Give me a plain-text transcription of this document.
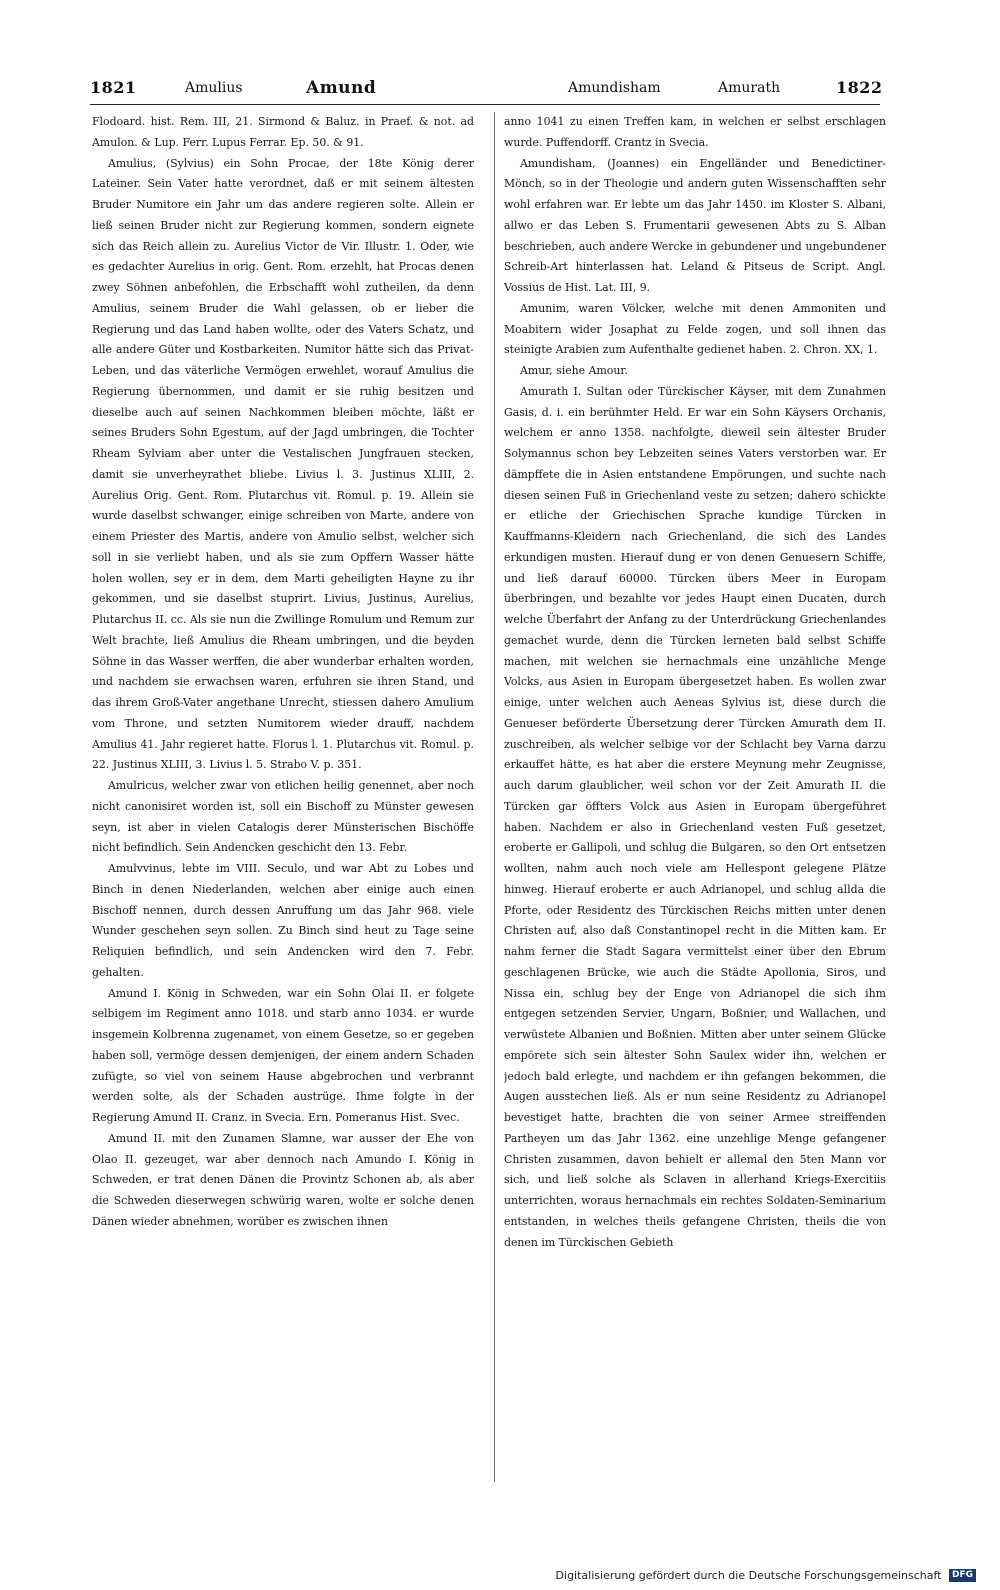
1821	Amulius	Amund	Amundisham	Amurath	1822

Flodoard. hist. Rem. III, 21. Sirmond & Baluz. in Praef. & not. ad Amulon. & Lup. Ferr. Lupus Ferrar. Ep. 50. & 91.

Amulius, (Sylvius) ein Sohn Procae, der 18te König derer Lateiner. Sein Vater hatte verordnet, daß er mit seinem ältesten Bruder Numitore ein Jahr um das andere regieren solte. Allein er ließ seinen Bruder nicht zur Regierung kommen, sondern eignete sich das Reich allein zu. Aurelius Victor de Vir. Illustr. 1. Oder, wie es gedachter Aurelius in orig. Gent. Rom. erzehlt, hat Procas denen zwey Söhnen anbefohlen, die Erbschafft wohl zutheilen, da denn Amulius, seinem Bruder die Wahl gelassen, ob er lieber die Regierung und das Land haben wollte, oder des Vaters Schatz, und alle andere Güter und Kostbarkeiten. Numitor hätte sich das Privat-Leben, und das väterliche Vermögen erwehlet, worauf Amulius die Regierung übernommen, und damit er sie ruhig besitzen und dieselbe auch auf seinen Nachkommen bleiben möchte, läßt er seines Bruders Sohn Egestum, auf der Jagd umbringen, die Tochter Rheam Sylviam aber unter die Vestalischen Jungfrauen stecken, damit sie unverheyrathet bliebe. Livius l. 3. Justinus XLIII, 2. Aurelius Orig. Gent. Rom. Plutarchus vit. Romul. p. 19. Allein sie wurde daselbst schwanger, einige schreiben von Marte, andere von einem Priester des Martis, andere von Amulio selbst, welcher sich soll in sie verliebt haben, und als sie zum Opffern Wasser hätte holen wollen, sey er in dem, dem Marti geheiligten Hayne zu ihr gekommen, und sie daselbst stuprirt. Livius, Justinus, Aurelius, Plutarchus II. cc. Als sie nun die Zwillinge Romulum und Remum zur Welt brachte, ließ Amulius die Rheam umbringen, und die beyden Söhne in das Wasser werffen, die aber wunderbar erhalten worden, und nachdem sie erwachsen waren, erfuhren sie ihren Stand, und das ihrem Groß-Vater angethane Unrecht, stiessen dahero Amulium vom Throne, und setzten Numitorem wieder drauff, nachdem Amulius 41. Jahr regieret hatte. Florus l. 1. Plutarchus vit. Romul. p. 22. Justinus XLIII, 3. Livius l. 5. Strabo V. p. 351.

Amulricus, welcher zwar von etlichen heilig genennet, aber noch nicht canonisiret worden ist, soll ein Bischoff zu Münster gewesen seyn, ist aber in vielen Catalogis derer Münsterischen Bischöffe nicht befindlich. Sein Andencken geschicht den 13. Febr.

Amulvvinus, lebte im VIII. Seculo, und war Abt zu Lobes und Binch in denen Niederlanden, welchen aber einige auch einen Bischoff nennen, durch dessen Anruffung um das Jahr 968. viele Wunder geschehen seyn sollen. Zu Binch sind heut zu Tage seine Reliquien befindlich, und sein Andencken wird den 7. Febr. gehalten.

Amund I. König in Schweden, war ein Sohn Olai II. er folgete selbigem im Regiment anno 1018. und starb anno 1034. er wurde insgemein Kolbrenna zugenamet, von einem Gesetze, so er gegeben haben soll, vermöge dessen demjenigen, der einem andern Schaden zufügte, so viel von seinem Hause abgebrochen und verbrannt werden solte, als der Schaden austrüge. Ihme folgte in der Regierung Amund II. Cranz. in Svecia. Ern. Pomeranus Hist. Svec.

Amund II. mit den Zunamen Slamne, war ausser der Ehe von Olao II. gezeuget, war aber dennoch nach Amundo I. König in Schweden, er trat denen Dänen die Provintz Schonen ab, als aber die Schweden dieserwegen schwürig waren, wolte er solche denen Dänen wieder abnehmen, worüber es zwischen ihnen

anno 1041 zu einen Treffen kam, in welchen er selbst erschlagen wurde. Puffendorff. Crantz in Svecia.

Amundisham, (Joannes) ein Engelländer und Benedictiner-Mönch, so in der Theologie und andern guten Wissenschafften sehr wohl erfahren war. Er lebte um das Jahr 1450. im Kloster S. Albani, allwo er das Leben S. Frumentarii gewesenen Abts zu S. Alban beschrieben, auch andere Wercke in gebundener und ungebundener Schreib-Art hinterlassen hat. Leland & Pitseus de Script. Angl. Vossius de Hist. Lat. III, 9.

Amunim, waren Völcker, welche mit denen Ammoniten und Moabitern wider Josaphat zu Felde zogen, und soll ihnen das steinigte Arabien zum Aufenthalte gedienet haben. 2. Chron. XX, 1.

Amur, siehe Amour.

Amurath I. Sultan oder Türckischer Käyser, mit dem Zunahmen Gasis, d. i. ein berühmter Held. Er war ein Sohn Käysers Orchanis, welchem er anno 1358. nachfolgte, dieweil sein ältester Bruder Solymannus schon bey Lebzeiten seines Vaters verstorben war. Er dämpffete die in Asien entstandene Empörungen, und suchte nach diesen seinen Fuß in Griechenland veste zu setzen; dahero schickte er etliche der Griechischen Sprache kundige Türcken in Kauffmanns-Kleidern nach Griechenland, die sich des Landes erkundigen musten. Hierauf dung er von denen Genuesern Schiffe, und ließ darauf 60000. Türcken übers Meer in Europam überbringen, und bezahlte vor jedes Haupt einen Ducaten, durch welche Überfahrt der Anfang zu der Unterdrückung Griechenlandes gemachet wurde, denn die Türcken lerneten bald selbst Schiffe machen, mit welchen sie hernachmals eine unzähliche Menge Volcks, aus Asien in Europam übergesetzet haben. Es wollen zwar einige, unter welchen auch Aeneas Sylvius ist, diese durch die Genueser beförderte Übersetzung derer Türcken Amurath dem II. zuschreiben, als welcher selbige vor der Schlacht bey Varna darzu erkauffet hätte, es hat aber die erstere Meynung mehr Zeugnisse, auch darum glaublicher, weil schon vor der Zeit Amurath II. die Türcken gar öffters Volck aus Asien in Europam übergeführet haben. Nachdem er also in Griechenland vesten Fuß gesetzet, eroberte er Gallipoli, und schlug die Bulgaren, so den Ort entsetzen wollten, nahm auch noch viele am Hellespont gelegene Plätze hinweg. Hierauf eroberte er auch Adrianopel, und schlug allda die Pforte, oder Residentz des Türckischen Reichs mitten unter denen Christen auf, also daß Constantinopel recht in die Mitten kam. Er nahm ferner die Stadt Sagara vermittelst einer über den Ebrum geschlagenen Brücke, wie auch die Städte Apollonia, Siros, und Nissa ein, schlug bey der Enge von Adrianopel die sich ihm entgegen setzenden Servier, Ungarn, Boßnier, und Wallachen, und verwüstete Albanien und Boßnien. Mitten aber unter seinem Glücke empörete sich sein ältester Sohn Saulex wider ihn, welchen er jedoch bald erlegte, und nachdem er ihn gefangen bekommen, die Augen ausstechen ließ. Als er nun seine Residentz zu Adrianopel bevestiget hatte, brachten die von seiner Armee streiffenden Partheyen um das Jahr 1362. eine unzehlige Menge gefangener Christen zusammen, davon behielt er allemal den 5ten Mann vor sich, und ließ solche als Sclaven in allerhand Kriegs-Exercitiis unterrichten, woraus hernachmals ein rechtes Soldaten-Seminarium entstanden, in welches theils gefangene Christen, theils die von denen im Türckischen Gebieth

Digitalisierung gefördert durch die Deutsche Forschungsgemeinschaft DFG
